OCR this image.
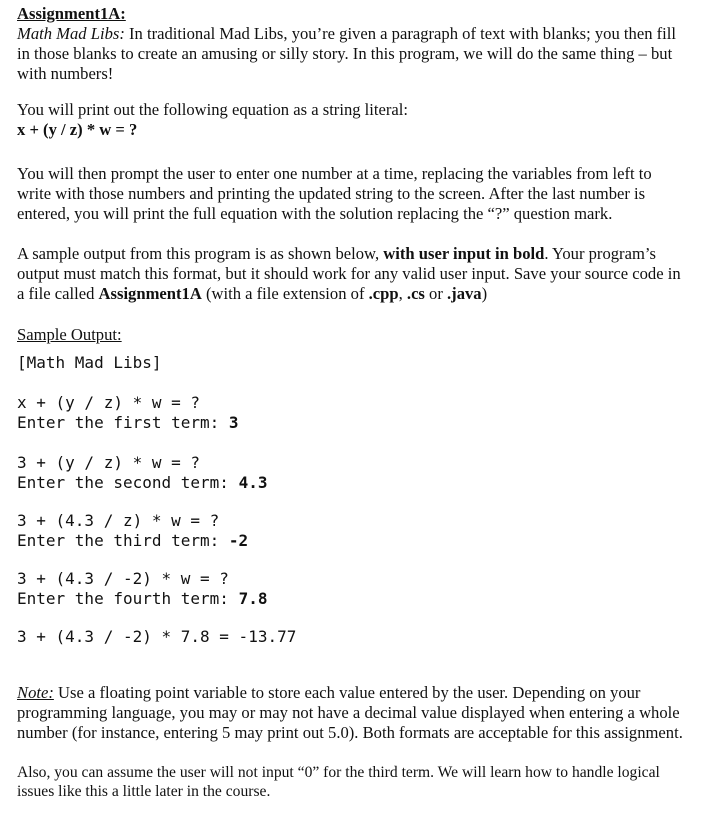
Assignment1A:

Math Mad Libs: In traditional Mad Libs, you’re given a paragraph of text with blanks; you then fill in those blanks to create an amusing or silly story. In this program, we will do the same thing – but with numbers!

You will print out the following equation as a string literal:

x + (y / z) * w = ?

You will then prompt the user to enter one number at a time, replacing the variables from left to write with those numbers and printing the updated string to the screen. After the last number is entered, you will print the full equation with the solution replacing the “?” question mark.

A sample output from this program is as shown below, with user input in bold. Your program’s output must match this format, but it should work for any valid user input. Save your source code in a file called Assignment1A (with a file extension of .cpp, .cs or .java)

Sample Output:

[Math Mad Libs]
x + (y / z) * w = ?
Enter the first term: 3
3 + (y / z) * w = ?
Enter the second term: 4.3
3 + (4.3 / z) * w = ?
Enter the third term: -2
3 + (4.3 / -2) * w = ?
Enter the fourth term: 7.8
3 + (4.3 / -2) * 7.8 = -13.77

Note: Use a floating point variable to store each value entered by the user. Depending on your programming language, you may or may not have a decimal value displayed when entering a whole number (for instance, entering 5 may print out 5.0). Both formats are acceptable for this assignment.

Also, you can assume the user will not input “0” for the third term. We will learn how to handle logical issues like this a little later in the course.
